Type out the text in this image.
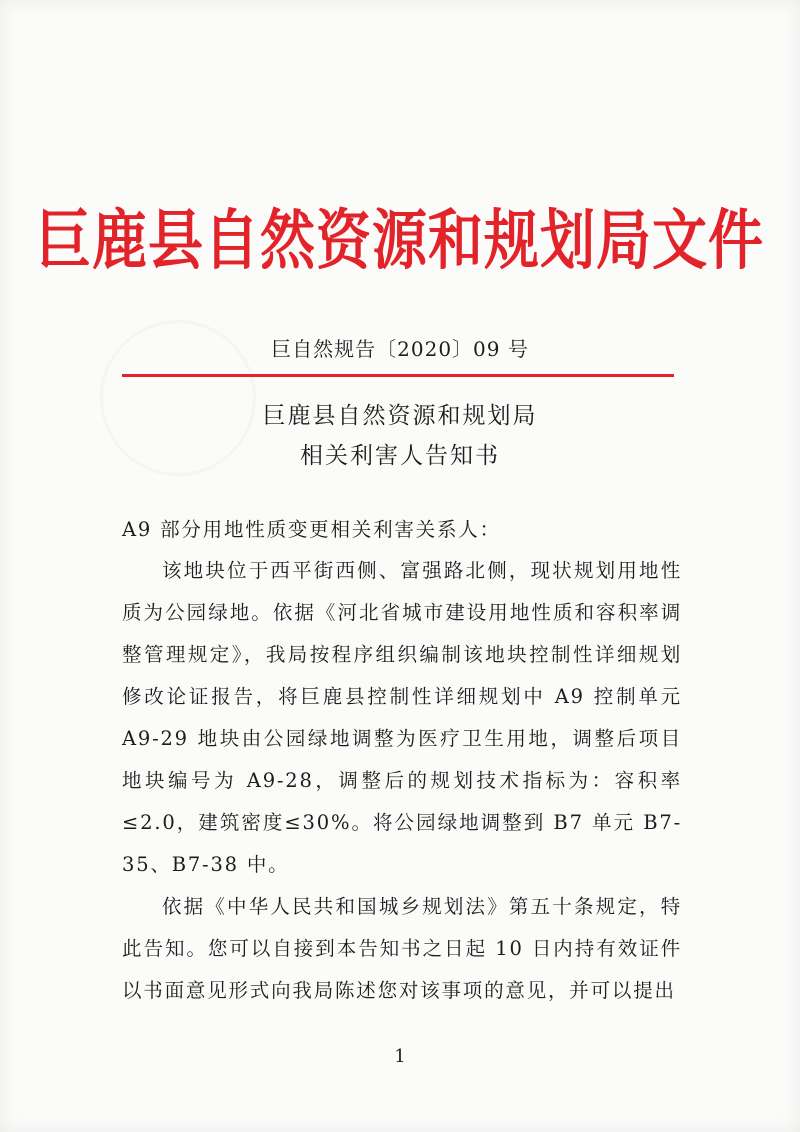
巨鹿县自然资源和规划局文件
巨自然规告〔2020〕09 号
巨鹿县自然资源和规划局
相关利害人告知书
A9 部分用地性质变更相关利害关系人：
该地块位于西平街西侧、富强路北侧，现状规划用地性质为公园绿地。依据《河北省城市建设用地性质和容积率调整管理规定》，我局按程序组织编制该地块控制性详细规划修改论证报告，将巨鹿县控制性详细规划中 A9 控制单元 A9-29 地块由公园绿地调整为医疗卫生用地，调整后项目地块编号为 A9-28，调整后的规划技术指标为：容积率≤2.0，建筑密度≤30%。将公园绿地调整到 B7 单元 B7-35、B7-38 中。
依据《中华人民共和国城乡规划法》第五十条规定，特此告知。您可以自接到本告知书之日起 10 日内持有效证件以书面意见形式向我局陈述您对该事项的意见，并可以提出
1
